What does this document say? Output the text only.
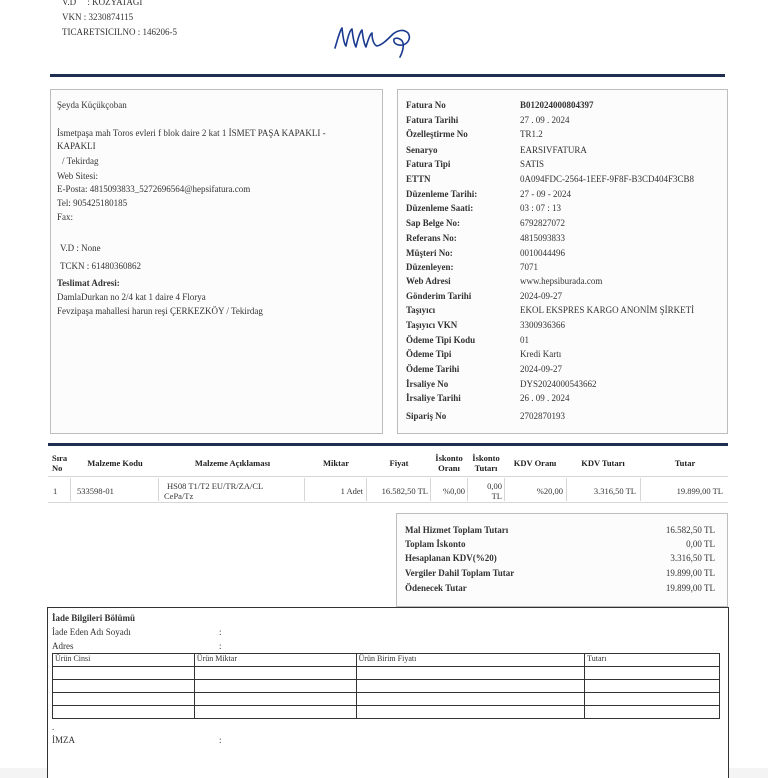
V.D : KOZYATAGI
VKN : 3230874115
TICARETSICILNO : 146206-5
Şeyda Küçükçoban
İsmetpaşa mah Toros evleri f blok daire 2 kat 1 İSMET PAŞA KAPAKLI -
KAPAKLI
/ Tekirdag
Web Sitesi:
E-Posta: 4815093833_5272696564@hepsifatura.com
Tel: 905425180185
Fax:
V.D : None
TCKN : 61480360862
Teslimat Adresi:
DamlaDurkan no 2/4 kat 1 daire 4 Florya
Fevzipaşa mahallesi harun reşi ÇERKEZKÖY / Tekirdag
Fatura No	B012024000804397
Fatura Tarihi	27 . 09 . 2024
Özelleştirme No	TR1.2
Senaryo	EARSIVFATURA
Fatura Tipi	SATIS
ETTN	0A094FDC-2564-1EEF-9F8F-B3CD404F3CB8
Düzenleme Tarihi:	27 - 09 - 2024
Düzenleme Saati:	03 : 07 : 13
Sap Belge No:	6792827072
Referans No:	4815093833
Müşteri No:	0010044496
Düzenleyen:	7071
Web Adresi	www.hepsiburada.com
Gönderim Tarihi	2024-09-27
Taşıyıcı	EKOL EKSPRES KARGO ANONİM ŞİRKETİ
Taşıyıcı VKN	3300936366
Ödeme Tipi Kodu	01
Ödeme Tipi	Kredi Kartı
Ödeme Tarihi	2024-09-27
İrsaliye No	DYS2024000543662
İrsaliye Tarihi	26 . 09 . 2024
Sipariş No	2702870193
Sıra
No	Malzeme Kodu	Malzeme Açıklaması	Miktar	Fiyat	İskonto
Oranı
İskonto
Tutarı	KDV Oranı	KDV Tutarı	Tutar
1 533598-01	HS08 T1/T2 EU/TR/ZA/CL
CePa/Tz	1 Adet	16.582,50 TL	%0,00	0,00
TL	%20,00	3.316,50 TL	19.899,00 TL
Mal Hizmet Toplam Tutarı	16.582,50 TL
Toplam İskonto	0,00 TL
Hesaplanan KDV(%20)	3.316,50 TL
Vergiler Dahil Toplam Tutar	19.899,00 TL
Ödenecek Tutar	19.899,00 TL
İade Bilgileri Bölümü
İade Eden Adı Soyadı	:
Adres	:
Ürün Cinsi	Ürün Miktar	Ürün Birim Fiyatı	Tutarı

.
İMZA	:
